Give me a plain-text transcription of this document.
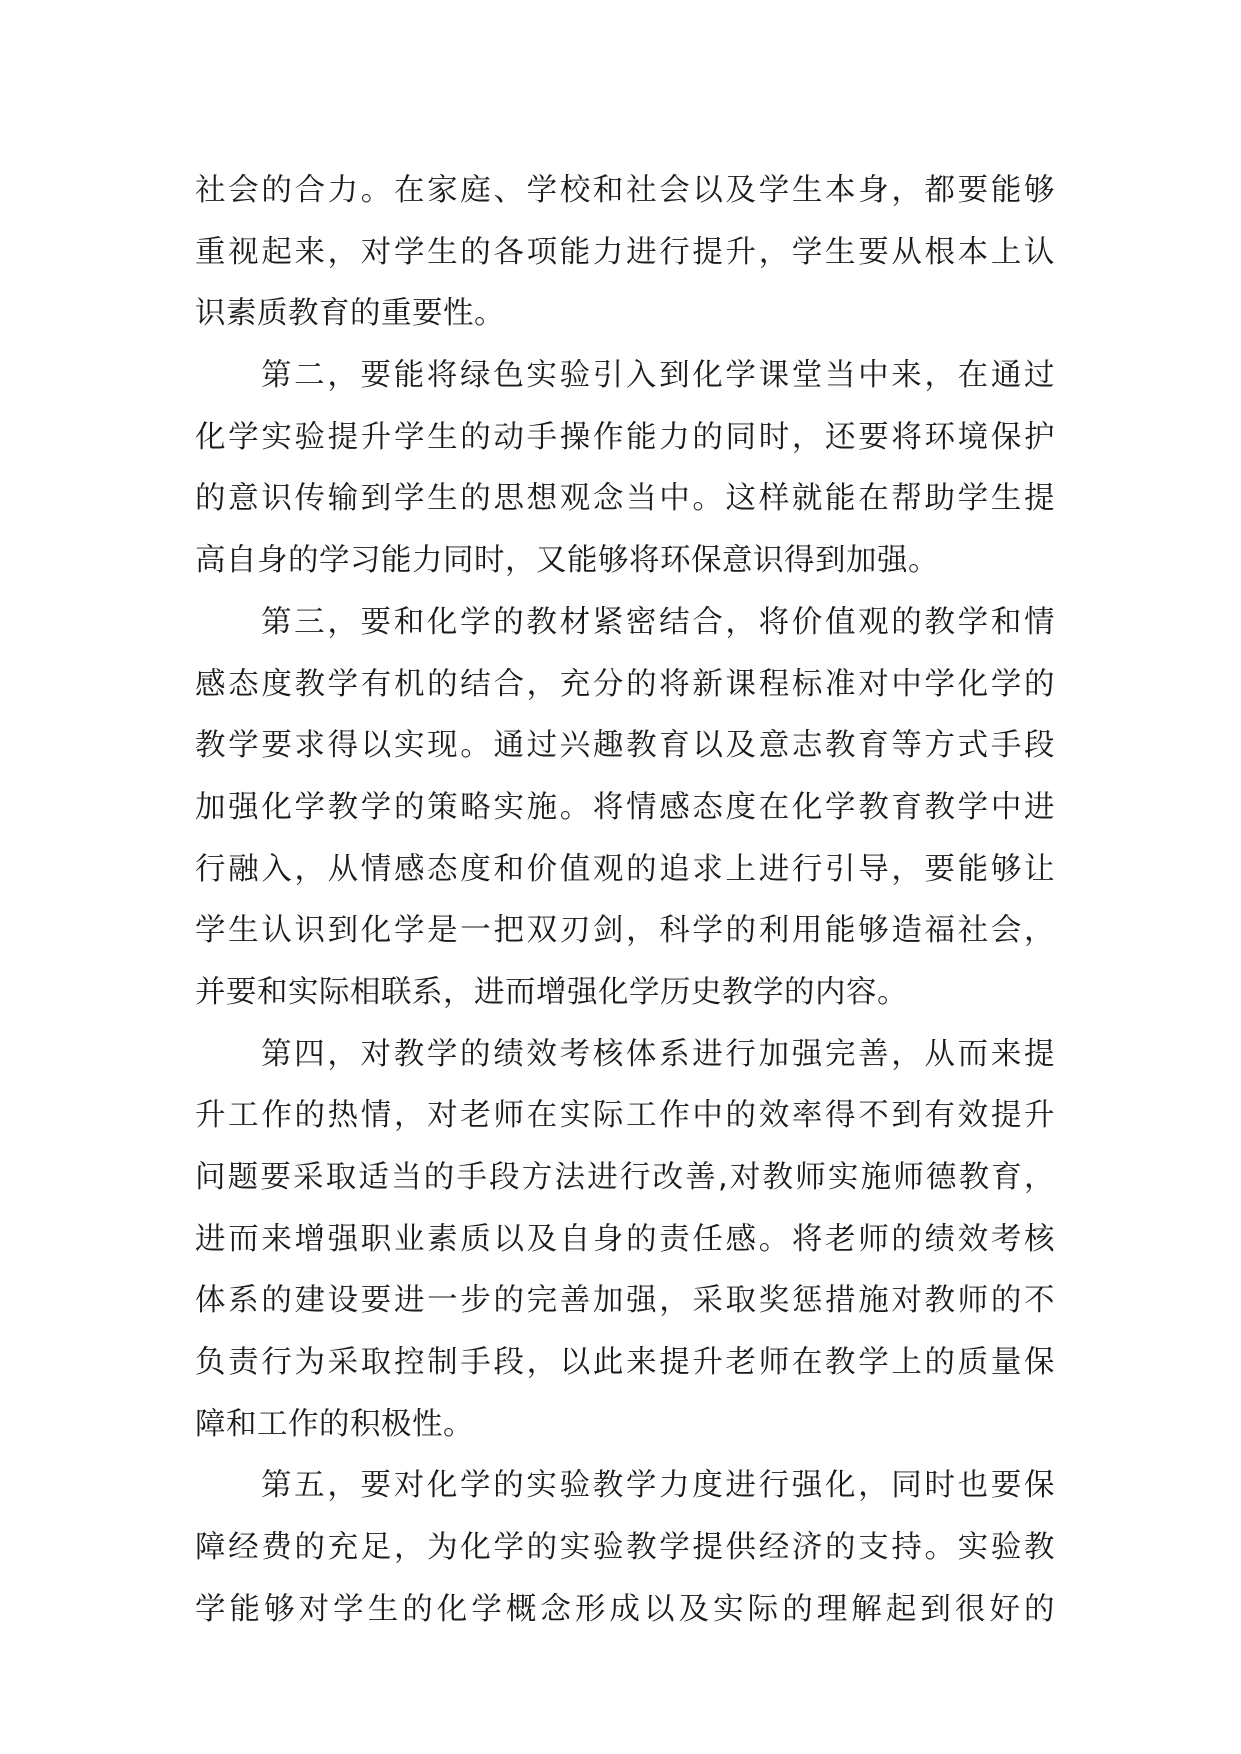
社会的合力。在家庭、学校和社会以及学生本身，都要能够
重视起来，对学生的各项能力进行提升，学生要从根本上认
识素质教育的重要性。
第二，要能将绿色实验引入到化学课堂当中来，在通过
化学实验提升学生的动手操作能力的同时，还要将环境保护
的意识传输到学生的思想观念当中。这样就能在帮助学生提
高自身的学习能力同时，又能够将环保意识得到加强。
第三，要和化学的教材紧密结合，将价值观的教学和情
感态度教学有机的结合，充分的将新课程标准对中学化学的
教学要求得以实现。通过兴趣教育以及意志教育等方式手段
加强化学教学的策略实施。将情感态度在化学教育教学中进
行融入，从情感态度和价值观的追求上进行引导，要能够让
学生认识到化学是一把双刃剑，科学的利用能够造福社会，
并要和实际相联系，进而增强化学历史教学的内容。
第四，对教学的绩效考核体系进行加强完善，从而来提
升工作的热情，对老师在实际工作中的效率得不到有效提升
问题要采取适当的手段方法进行改善,对教师实施师德教育，
进而来增强职业素质以及自身的责任感。将老师的绩效考核
体系的建设要进一步的完善加强，采取奖惩措施对教师的不
负责行为采取控制手段，以此来提升老师在教学上的质量保
障和工作的积极性。
第五，要对化学的实验教学力度进行强化，同时也要保
障经费的充足，为化学的实验教学提供经济的支持。实验教
学能够对学生的化学概念形成以及实际的理解起到很好的
